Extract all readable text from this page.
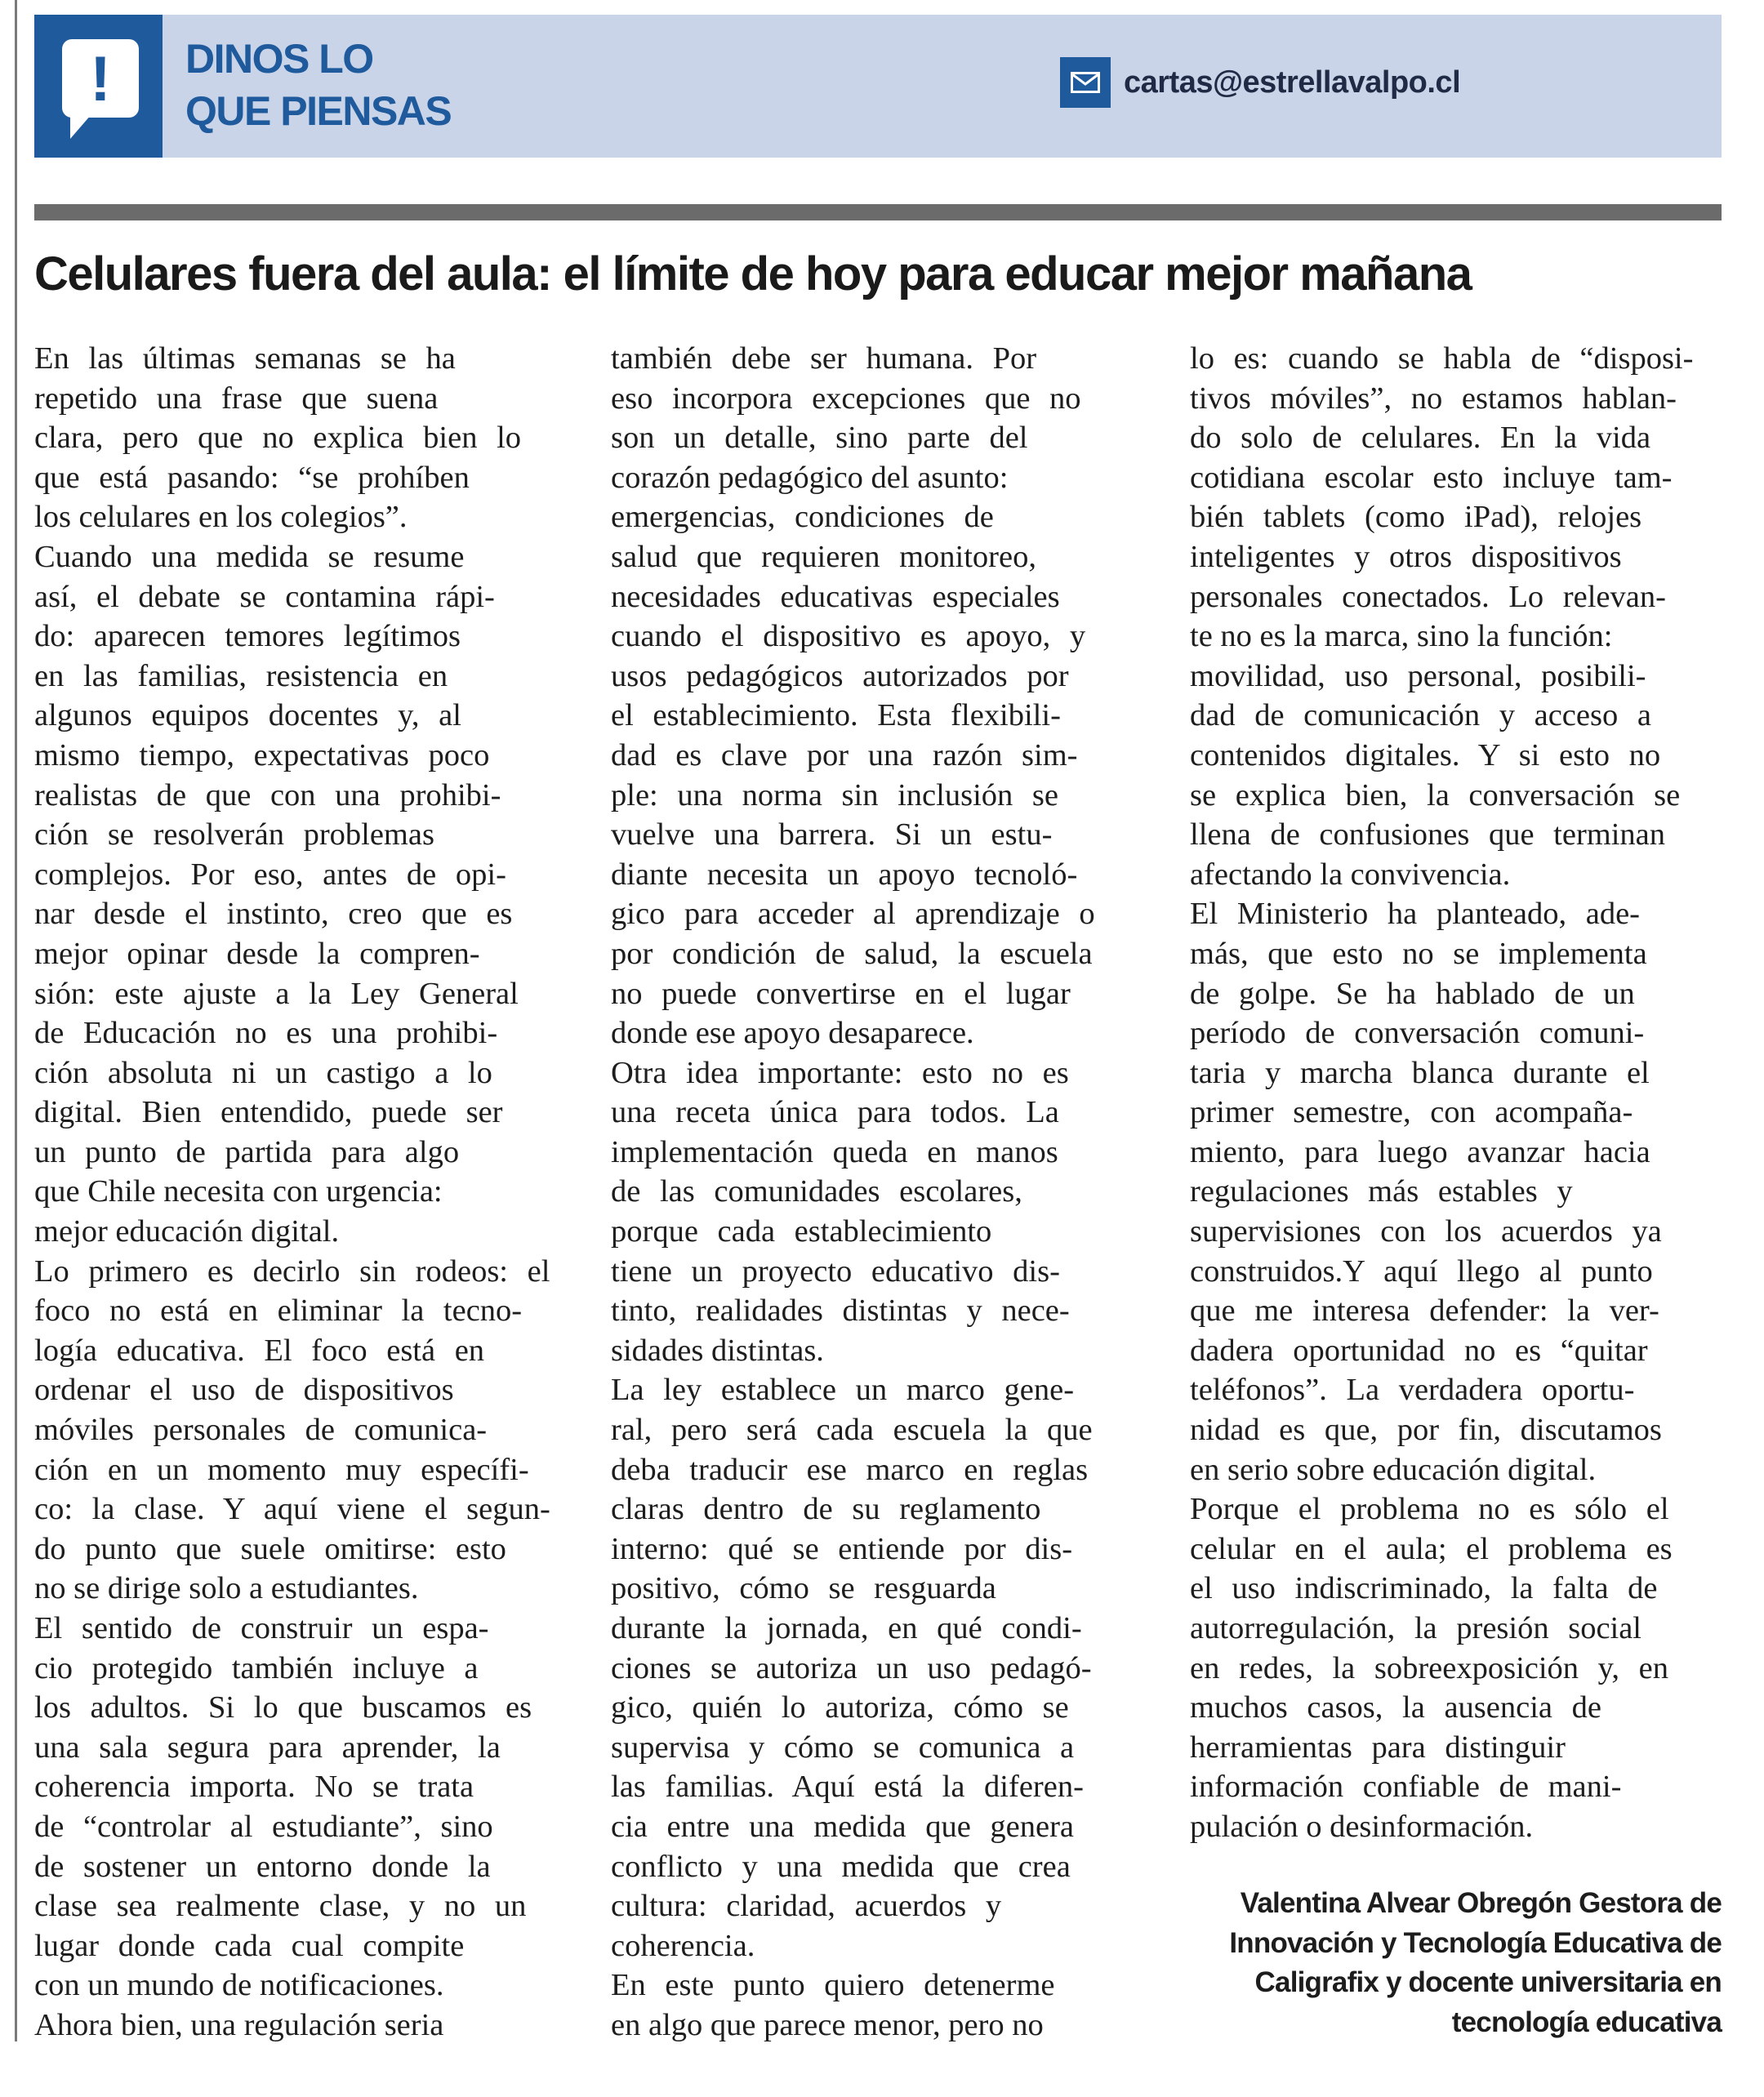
!	DINOS LO
QUE PIENSAS
cartas@estrellavalpo.cl
Celulares fuera del aula: el límite de hoy para educar mejor mañana
En las últimas semanas se ha
repetido una frase que suena
clara, pero que no explica bien lo
que está pasando: “se prohíben
los celulares en los colegios”.
Cuando una medida se resume
así, el debate se contamina rápi-
do: aparecen temores legítimos
en las familias, resistencia en
algunos equipos docentes y, al
mismo tiempo, expectativas poco
realistas de que con una prohibi-
ción se resolverán problemas
complejos. Por eso, antes de opi-
nar desde el instinto, creo que es
mejor opinar desde la compren-
sión: este ajuste a la Ley General
de Educación no es una prohibi-
ción absoluta ni un castigo a lo
digital. Bien entendido, puede ser
un punto de partida para algo
que Chile necesita con urgencia:
mejor educación digital.
Lo primero es decirlo sin rodeos: el
foco no está en eliminar la tecno-
logía educativa. El foco está en
ordenar el uso de dispositivos
móviles personales de comunica-
ción en un momento muy específi-
co: la clase. Y aquí viene el segun-
do punto que suele omitirse: esto
no se dirige solo a estudiantes.
El sentido de construir un espa-
cio protegido también incluye a
los adultos. Si lo que buscamos es
una sala segura para aprender, la
coherencia importa. No se trata
de “controlar al estudiante”, sino
de sostener un entorno donde la
clase sea realmente clase, y no un
lugar donde cada cual compite
con un mundo de notificaciones.
Ahora bien, una regulación seria
también debe ser humana. Por
eso incorpora excepciones que no
son un detalle, sino parte del
corazón pedagógico del asunto:
emergencias, condiciones de
salud que requieren monitoreo,
necesidades educativas especiales
cuando el dispositivo es apoyo, y
usos pedagógicos autorizados por
el establecimiento. Esta flexibili-
dad es clave por una razón sim-
ple: una norma sin inclusión se
vuelve una barrera. Si un estu-
diante necesita un apoyo tecnoló-
gico para acceder al aprendizaje o
por condición de salud, la escuela
no puede convertirse en el lugar
donde ese apoyo desaparece.
Otra idea importante: esto no es
una receta única para todos. La
implementación queda en manos
de las comunidades escolares,
porque cada establecimiento
tiene un proyecto educativo dis-
tinto, realidades distintas y nece-
sidades distintas.
La ley establece un marco gene-
ral, pero será cada escuela la que
deba traducir ese marco en reglas
claras dentro de su reglamento
interno: qué se entiende por dis-
positivo, cómo se resguarda
durante la jornada, en qué condi-
ciones se autoriza un uso pedagó-
gico, quién lo autoriza, cómo se
supervisa y cómo se comunica a
las familias. Aquí está la diferen-
cia entre una medida que genera
conflicto y una medida que crea
cultura: claridad, acuerdos y
coherencia.
En este punto quiero detenerme
en algo que parece menor, pero no
lo es: cuando se habla de “disposi-
tivos móviles”, no estamos hablan-
do solo de celulares. En la vida
cotidiana escolar esto incluye tam-
bién tablets (como iPad), relojes
inteligentes y otros dispositivos
personales conectados. Lo relevan-
te no es la marca, sino la función:
movilidad, uso personal, posibili-
dad de comunicación y acceso a
contenidos digitales. Y si esto no
se explica bien, la conversación se
llena de confusiones que terminan
afectando la convivencia.
El Ministerio ha planteado, ade-
más, que esto no se implementa
de golpe. Se ha hablado de un
período de conversación comuni-
taria y marcha blanca durante el
primer semestre, con acompaña-
miento, para luego avanzar hacia
regulaciones más estables y
supervisiones con los acuerdos ya
construidos.Y aquí llego al punto
que me interesa defender: la ver-
dadera oportunidad no es “quitar
teléfonos”. La verdadera oportu-
nidad es que, por fin, discutamos
en serio sobre educación digital.
Porque el problema no es sólo el
celular en el aula; el problema es
el uso indiscriminado, la falta de
autorregulación, la presión social
en redes, la sobreexposición y, en
muchos casos, la ausencia de
herramientas para distinguir
información confiable de mani-
pulación o desinformación.
Valentina Alvear Obregón Gestora de
Innovación y Tecnología Educativa de
Caligrafix y docente universitaria en
tecnología educativa
